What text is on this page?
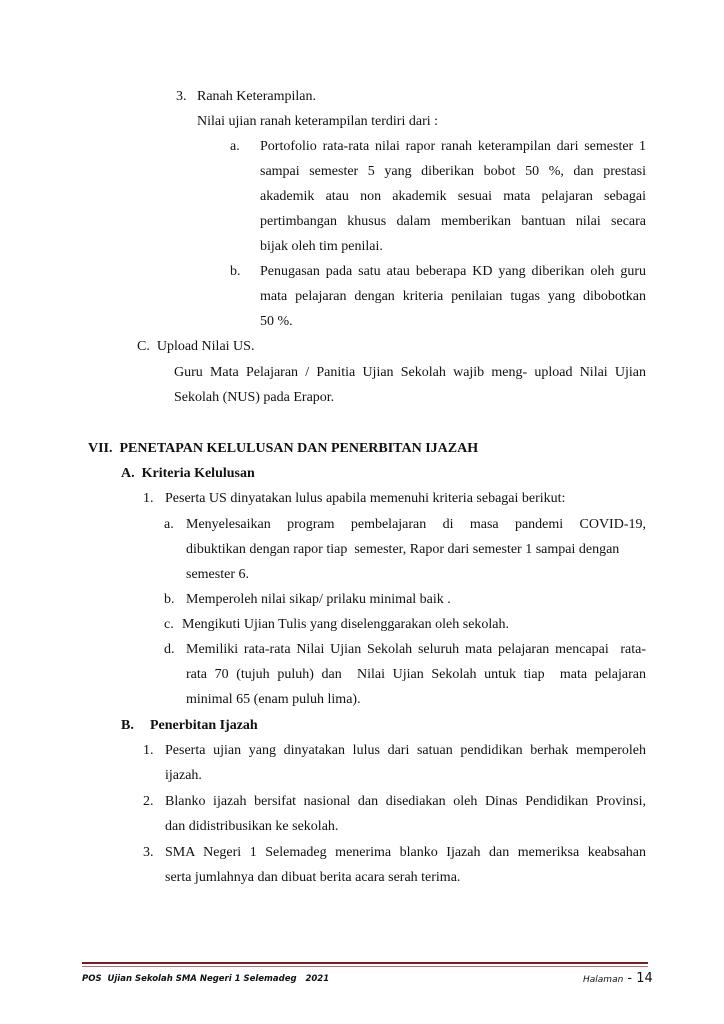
3. Ranah Keterampilan.
Nilai ujian ranah keterampilan terdiri dari :
a. Portofolio rata-rata nilai rapor ranah keterampilan dari semester 1
sampai semester 5 yang diberikan bobot 50 %, dan prestasi
akademik atau non akademik sesuai mata pelajaran sebagai
pertimbangan khusus dalam memberikan bantuan nilai secara
bijak oleh tim penilai.
b. Penugasan pada satu atau beberapa KD yang diberikan oleh guru
mata pelajaran dengan kriteria penilaian tugas yang dibobotkan
50 %.
C.  Upload Nilai US.
Guru Mata Pelajaran / Panitia Ujian Sekolah wajib meng- upload Nilai Ujian
Sekolah (NUS) pada Erapor.
VII.  PENETAPAN KELULUSAN DAN PENERBITAN IJAZAH
A.  Kriteria Kelulusan
1. Peserta US dinyatakan lulus apabila memenuhi kriteria sebagai berikut:
a. Menyelesaikan program pembelajaran di masa pandemi COVID-19,
dibuktikan dengan rapor tiap  semester, Rapor dari semester 1 sampai dengan
semester 6.
b. Memperoleh nilai sikap/ prilaku minimal baik .
c. Mengikuti Ujian Tulis yang diselenggarakan oleh sekolah.
d. Memiliki rata-rata Nilai Ujian Sekolah seluruh mata pelajaran mencapai  rata-
rata 70 (tujuh puluh) dan  Nilai Ujian Sekolah untuk tiap  mata pelajaran
minimal 65 (enam puluh lima).
B. Penerbitan Ijazah
1. Peserta ujian yang dinyatakan lulus dari satuan pendidikan berhak memperoleh
ijazah.
2. Blanko ijazah bersifat nasional dan disediakan oleh Dinas Pendidikan Provinsi,
dan didistribusikan ke sekolah.
3. SMA Negeri 1 Selemadeg menerima blanko Ijazah dan memeriksa keabsahan
serta jumlahnya dan dibuat berita acara serah terima.
POS  Ujian Sekolah SMA Negeri 1 Selemadeg   2021	Halaman - 14
